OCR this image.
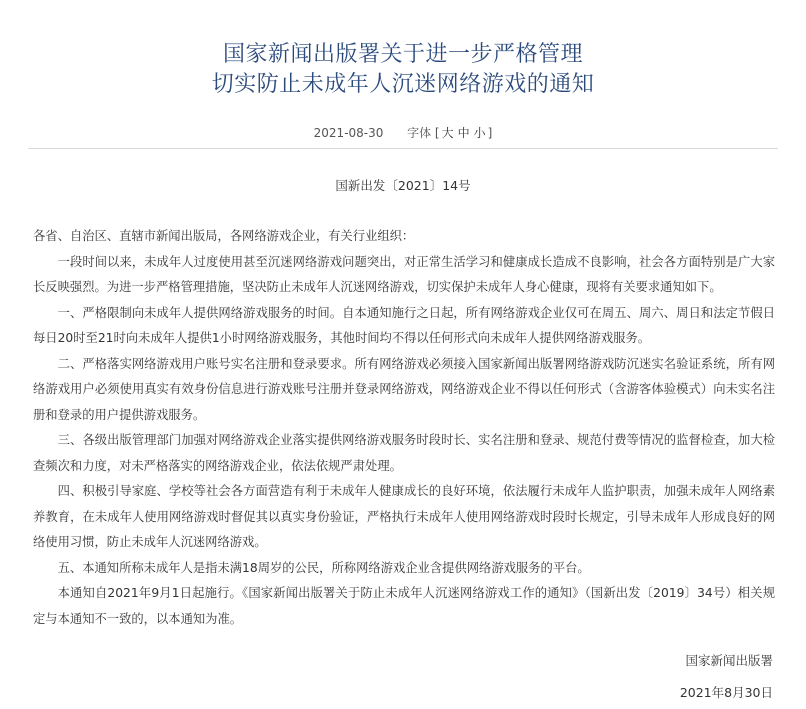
国家新闻出版署关于进一步严格管理
切实防止未成年人沉迷网络游戏的通知
2021-08-30 字体 [ 大 中 小 ]
国新出发〔2021〕14号

各省、自治区、直辖市新闻出版局，各网络游戏企业，有关行业组织：

一段时间以来，未成年人过度使用甚至沉迷网络游戏问题突出，对正常生活学习和健康成长造成不良影响，社会各方面特别是广大家长反映强烈。为进一步严格管理措施，坚决防止未成年人沉迷网络游戏，切实保护未成年人身心健康，现将有关要求通知如下。

一、严格限制向未成年人提供网络游戏服务的时间。自本通知施行之日起，所有网络游戏企业仅可在周五、周六、周日和法定节假日每日20时至21时向未成年人提供1小时网络游戏服务，其他时间均不得以任何形式向未成年人提供网络游戏服务。

二、严格落实网络游戏用户账号实名注册和登录要求。所有网络游戏必须接入国家新闻出版署网络游戏防沉迷实名验证系统，所有网络游戏用户必须使用真实有效身份信息进行游戏账号注册并登录网络游戏，网络游戏企业不得以任何形式（含游客体验模式）向未实名注册和登录的用户提供游戏服务。

三、各级出版管理部门加强对网络游戏企业落实提供网络游戏服务时段时长、实名注册和登录、规范付费等情况的监督检查，加大检查频次和力度，对未严格落实的网络游戏企业，依法依规严肃处理。

四、积极引导家庭、学校等社会各方面营造有利于未成年人健康成长的良好环境，依法履行未成年人监护职责，加强未成年人网络素养教育，在未成年人使用网络游戏时督促其以真实身份验证，严格执行未成年人使用网络游戏时段时长规定，引导未成年人形成良好的网络使用习惯，防止未成年人沉迷网络游戏。

五、本通知所称未成年人是指未满18周岁的公民，所称网络游戏企业含提供网络游戏服务的平台。

本通知自2021年9月1日起施行。《国家新闻出版署关于防止未成年人沉迷网络游戏工作的通知》（国新出发〔2019〕34号）相关规定与本通知不一致的，以本通知为准。

国家新闻出版署
2021年8月30日
